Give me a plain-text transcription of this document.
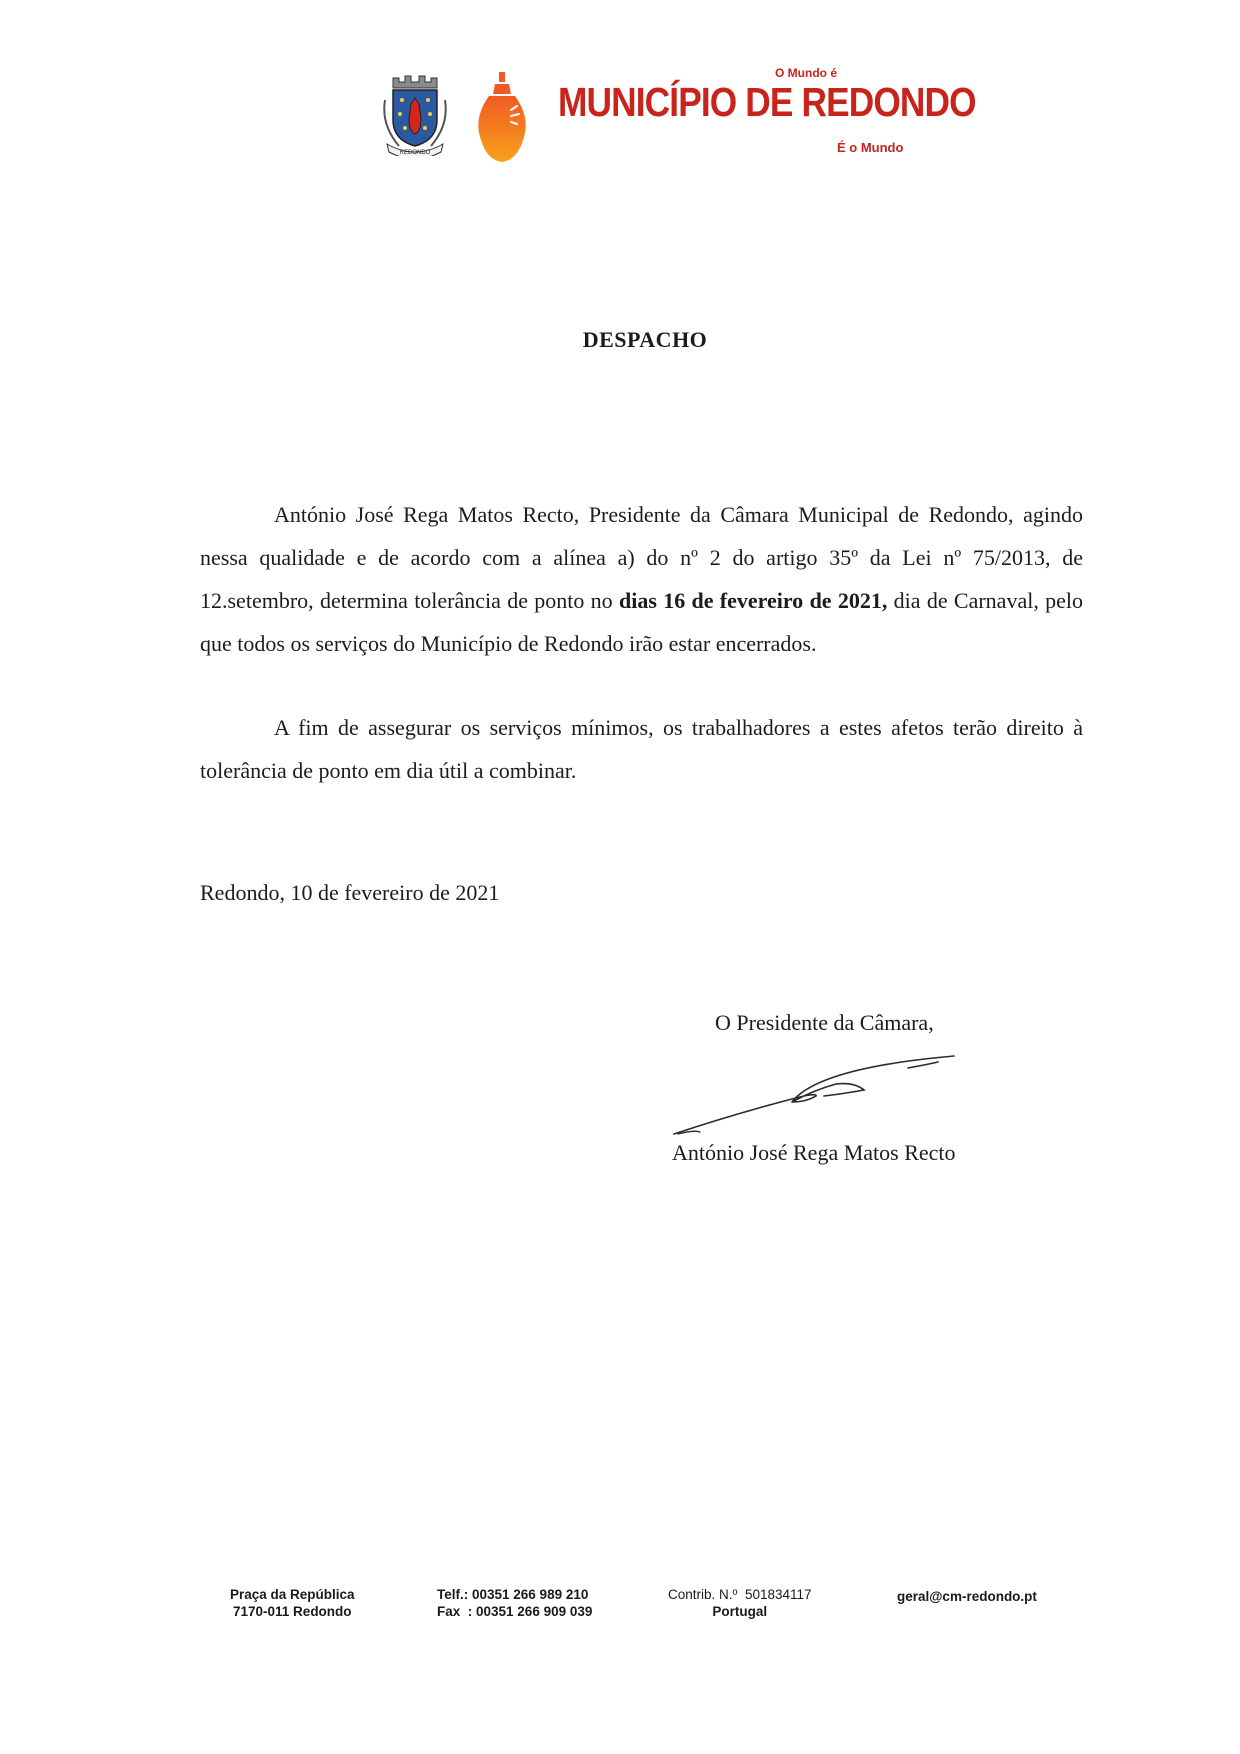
REDONDO
O Mundo é
MUNICÍPIO DE REDONDO
É o Mundo
DESPACHO

António José Rega Matos Recto, Presidente da Câmara Municipal de Redondo, agindo nessa qualidade e de acordo com a alínea a) do nº 2 do artigo 35º da Lei nº 75/2013, de 12.setembro, determina tolerância de ponto no dias 16 de fevereiro de 2021, dia de Carnaval, pelo que todos os serviços do Município de Redondo irão estar encerrados.

A fim de assegurar os serviços mínimos, os trabalhadores a estes afetos terão direito à tolerância de ponto em dia útil a combinar.

Redondo, 10 de fevereiro de 2021
O Presidente da Câmara,
António José Rega Matos Recto
Praça da República
7170-011 Redondo
Telf.: 00351 266 989 210
Fax  : 00351 266 909 039
Contrib. N.º  501834117
Portugal
geral@cm-redondo.pt
